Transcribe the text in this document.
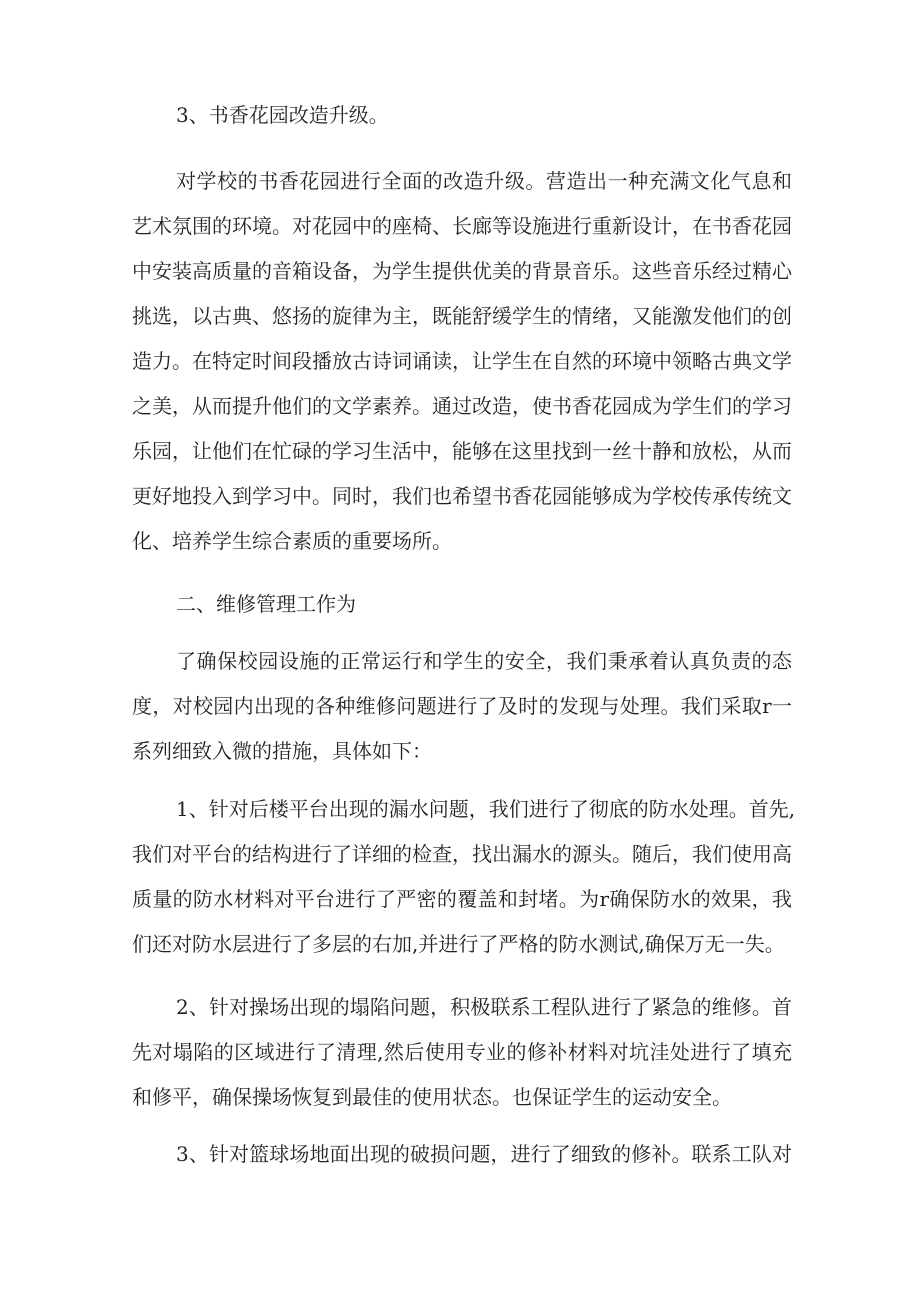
3、书香花园改造升级。

对学校的书香花园进行全面的改造升级。营造出一种充满文化气息和

艺术氛围的环境。对花园中的座椅、长廊等设施进行重新设计，在书香花园

中安装高质量的音箱设备，为学生提供优美的背景音乐。这些音乐经过精心

挑选，以古典、悠扬的旋律为主，既能舒缓学生的情绪，又能激发他们的创

造力。在特定时间段播放古诗词诵读，让学生在自然的环境中领略古典文学

之美，从而提升他们的文学素养。通过改造，使书香花园成为学生们的学习

乐园，让他们在忙碌的学习生活中，能够在这里找到一丝十静和放松，从而

更好地投入到学习中。同时，我们也希望书香花园能够成为学校传承传统文

化、培养学生综合素质的重要场所。

二、维修管理工作为

了确保校园设施的正常运行和学生的安全，我们秉承着认真负责的态

度，对校园内出现的各种维修问题进行了及时的发现与处理。我们采取r一

系列细致入微的措施，具体如下：

1、针对后楼平台出现的漏水问题，我们进行了彻底的防水处理。首先,

我们对平台的结构进行了详细的检查，找出漏水的源头。随后，我们使用高

质量的防水材料对平台进行了严密的覆盖和封堵。为r确保防水的效果，我

们还对防水层进行了多层的右加,并进行了严格的防水测试,确保万无一失。

2、针对操场出现的塌陷问题，积极联系工程队进行了紧急的维修。首

先对塌陷的区域进行了清理,然后使用专业的修补材料对坑洼处进行了填充

和修平，确保操场恢复到最佳的使用状态。也保证学生的运动安全。

3、针对篮球场地面出现的破损问题，进行了细致的修补。联系工队对
